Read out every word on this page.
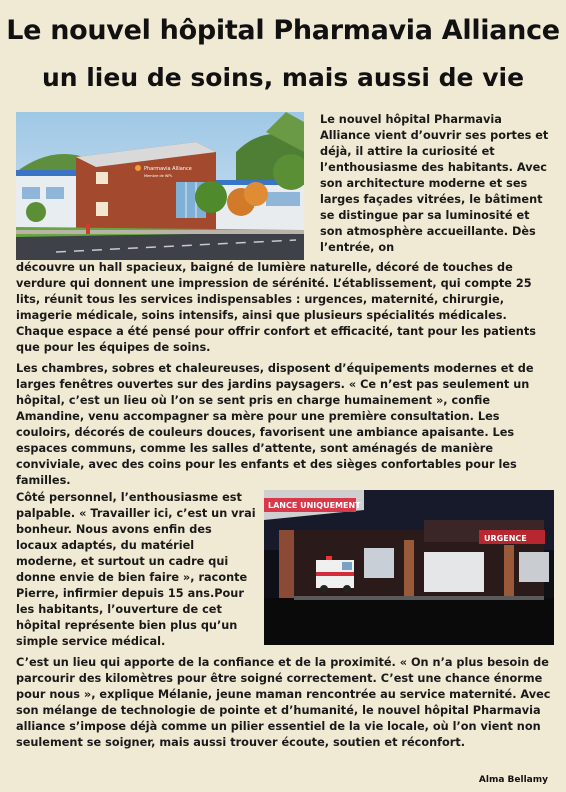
Le nouvel hôpital Pharmavia Alliance
un lieu de soins, mais aussi de vie
Pharmavia Alliance
Membre de WPL
Le nouvel hôpital Pharmavia Alliance vient d’ouvrir ses portes et déjà, il attire la curiosité et l’enthousiasme des habitants. Avec son architecture moderne et ses larges façades vitrées, le bâtiment se distingue par sa luminosité et son atmosphère accueillante. Dès l’entrée, on
découvre un hall spacieux, baigné de lumière naturelle, décoré de touches de verdure qui donnent une impression de sérénité. L’établissement, qui compte 25 lits, réunit tous les services indispensables : urgences, maternité, chirurgie, imagerie médicale, soins intensifs, ainsi que plusieurs spécialités médicales. Chaque espace a été pensé pour offrir confort et efficacité, tant pour les patients que pour les équipes de soins.
Les chambres, sobres et chaleureuses, disposent d’équipements modernes et de larges fenêtres ouvertes sur des jardins paysagers. « Ce n’est pas seulement un hôpital, c’est un lieu où l’on se sent pris en charge humainement », confie Amandine, venu accompagner sa mère pour une première consultation. Les couloirs, décorés de couleurs douces, favorisent une ambiance apaisante. Les espaces communs, comme les salles d’attente, sont aménagés de manière conviviale, avec des coins pour les enfants et des sièges confortables pour les familles.
Côté personnel, l’enthousiasme est palpable. « Travailler ici, c’est un vrai bonheur. Nous avons enfin des locaux adaptés, du matériel moderne, et surtout un cadre qui donne envie de bien faire », raconte Pierre, infirmier depuis 15 ans.Pour les habitants, l’ouverture de cet hôpital représente bien plus qu’un simple service médical.
LANCE UNIQUEMENT
URGENCE
C’est un lieu qui apporte de la confiance et de la proximité. « On n’a plus besoin de parcourir des kilomètres pour être soigné correctement. C’est une chance énorme pour nous », explique Mélanie, jeune maman rencontrée au service maternité. Avec son mélange de technologie de pointe et d’humanité, le nouvel hôpital Pharmavia alliance s’impose déjà comme un pilier essentiel de la vie locale, où l’on vient non seulement se soigner, mais aussi trouver écoute, soutien et réconfort.
Alma Bellamy
